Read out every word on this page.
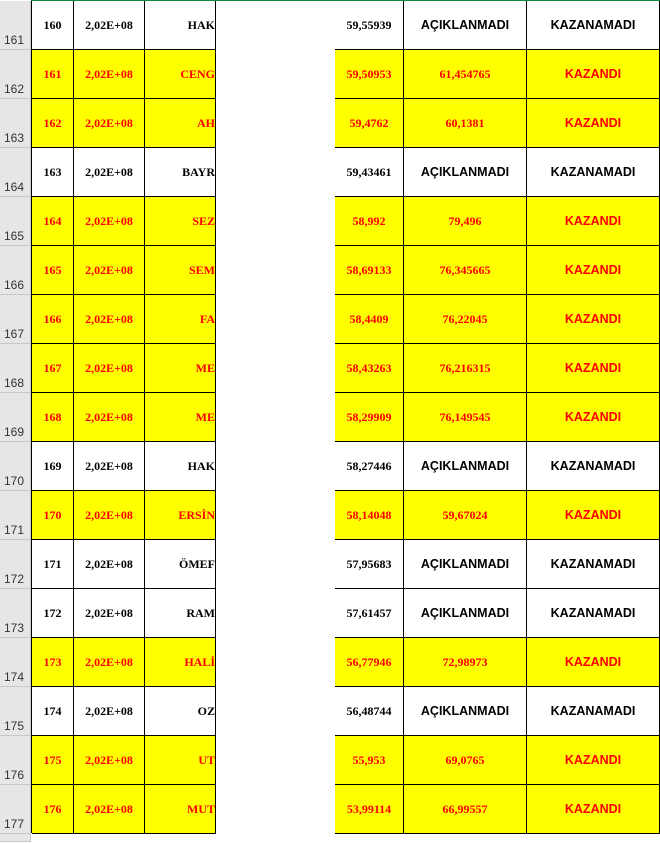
161
160	2,02E+08	HAK	59,55939	AÇIKLANMADI	KAZANAMADI
162
161	2,02E+08	CENG	59,50953	61,454765	KAZANDI
163
162	2,02E+08	AH	59,4762	60,1381	KAZANDI
164
163	2,02E+08	BAYR	59,43461	AÇIKLANMADI	KAZANAMADI
165
164	2,02E+08	SEZ	58,992	79,496	KAZANDI
166
165	2,02E+08	SEM	58,69133	76,345665	KAZANDI
167
166	2,02E+08	FA	58,4409	76,22045	KAZANDI
168
167	2,02E+08	ME	58,43263	76,216315	KAZANDI
169
168	2,02E+08	ME	58,29909	76,149545	KAZANDI
170
169	2,02E+08	HAK	58,27446	AÇIKLANMADI	KAZANAMADI
171
170	2,02E+08	ERSİN	58,14048	59,67024	KAZANDI
172
171	2,02E+08	ÖMEF	57,95683	AÇIKLANMADI	KAZANAMADI
173
172	2,02E+08	RAM	57,61457	AÇIKLANMADI	KAZANAMADI
174
173	2,02E+08	HALİ	56,77946	72,98973	KAZANDI
175
174	2,02E+08	OZ	56,48744	AÇIKLANMADI	KAZANAMADI
176
175	2,02E+08	UT	55,953	69,0765	KAZANDI
177
176	2,02E+08	MUT	53,99114	66,99557	KAZANDI
